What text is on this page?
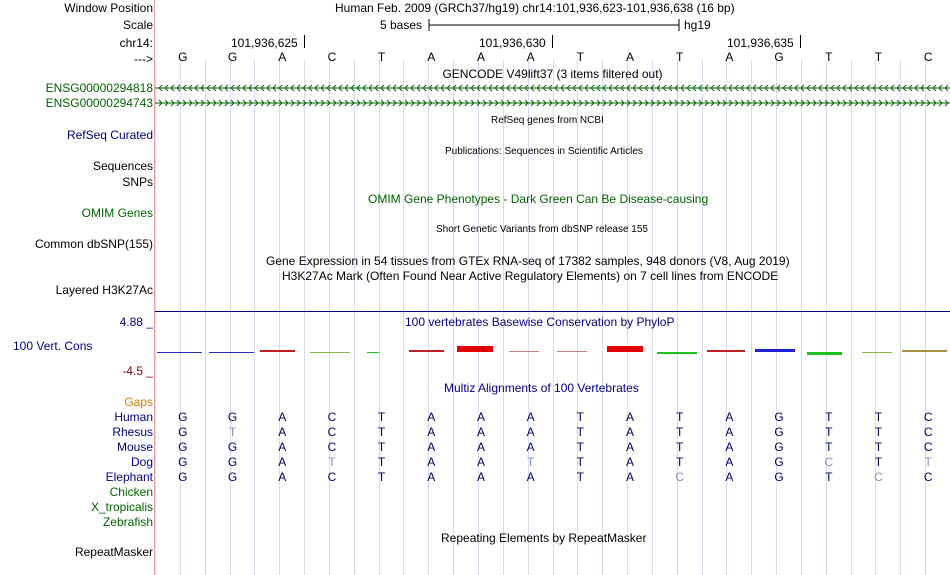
Window Position	Human Feb. 2009 (GRCh37/hg19) chr14:101,936,623-101,936,638 (16 bp)
Scale	5 bases	hg19
chr14:	101,936,625	101,936,630	101,936,635
--->	G	G	A	C	T	A	A	A	T	A	T	A	G	T	T	C
GENCODE V49lift37 (3 items filtered out)
ENSG00000294818
ENSG00000294743
RefSeq genes from NCBI
RefSeq Curated
Publications: Sequences in Scientific Articles
Sequences
SNPs
OMIM Gene Phenotypes - Dark Green Can Be Disease-causing
OMIM Genes
Short Genetic Variants from dbSNP release 155
Common dbSNP(155)
Gene Expression in 54 tissues from GTEx RNA-seq of 17382 samples, 948 donors (V8, Aug 2019)
H3K27Ac Mark (Often Found Near Active Regulatory Elements) on 7 cell lines from ENCODE
Layered H3K27Ac
4.88 _	100 vertebrates Basewise Conservation by PhyloP
100 Vert. Cons
-4.5 _
Multiz Alignments of 100 Vertebrates
Gaps
Human	G	G	A	C	T	A	A	A	T	A	T	A	G	T	T	C
Rhesus	G	T	A	C	T	A	A	A	T	A	T	A	G	T	T	C
Mouse	G	G	A	C	T	A	A	A	T	A	T	A	G	T	T	C
Dog	G	G	A	T	T	A	A	T	T	A	T	A	G	C	T	T
Elephant	G	G	A	C	T	A	A	A	T	A	C	A	G	T	C	C
Chicken
X_tropicalis
Zebrafish
Repeating Elements by RepeatMasker
RepeatMasker
